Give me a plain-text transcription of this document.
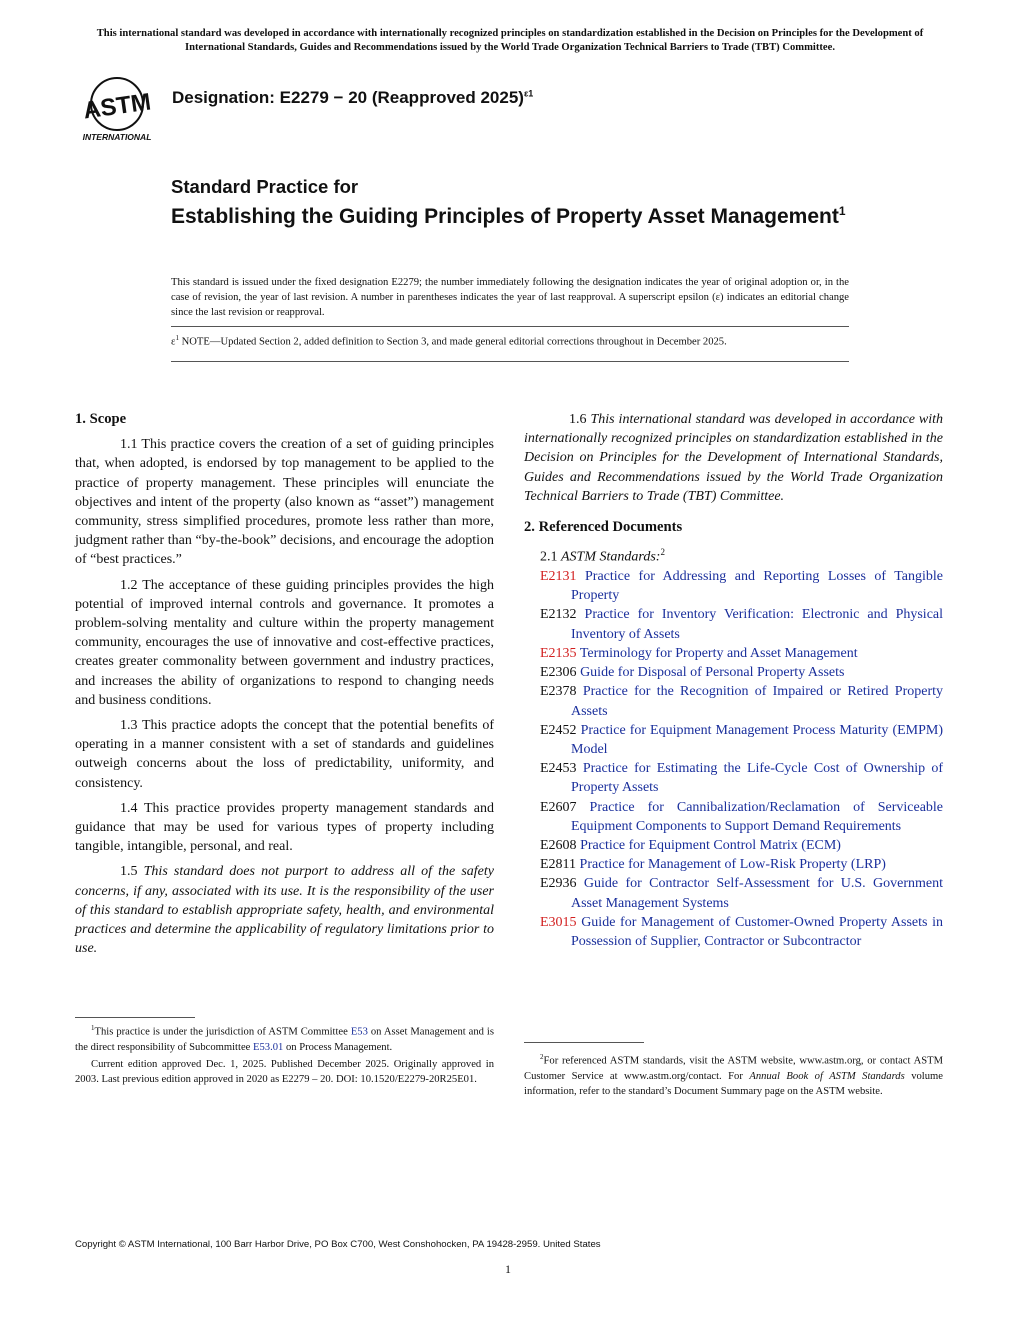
This international standard was developed in accordance with internationally recognized principles on standardization established in the Decision on Principles for the Development of International Standards, Guides and Recommendations issued by the World Trade Organization Technical Barriers to Trade (TBT) Committee.
ASTM
INTERNATIONAL
Designation: E2279 − 20 (Reapproved 2025)$^{\varepsilon 1}$
Standard Practice for
Establishing the Guiding Principles of Property Asset Management$^1$
This standard is issued under the fixed designation E2279; the number immediately following the designation indicates the year of original adoption or, in the case of revision, the year of last revision. A number in parentheses indicates the year of last reapproval. A superscript epsilon (ε) indicates an editorial change since the last revision or reapproval.
$\varepsilon^1$ NOTE—Updated Section 2, added definition to Section 3, and made general editorial corrections throughout in December 2025.
1. Scope

1.1 This practice covers the creation of a set of guiding principles that, when adopted, is endorsed by top management to be applied to the practice of property management. These principles will enunciate the objectives and intent of the property (also known as “asset”) management community, stress simplified procedures, promote less rather than more, judgment rather than “by-the-book” decisions, and encourage the adoption of “best practices.”

1.2 The acceptance of these guiding principles provides the high potential of improved internal controls and governance. It promotes a problem-solving mentality and culture within the property management community, encourages the use of innovative and cost-effective practices, creates greater commonality between government and industry practices, and increases the ability of organizations to respond to changing needs and business conditions.

1.3 This practice adopts the concept that the potential benefits of operating in a manner consistent with a set of standards and guidelines outweigh concerns about the loss of predictability, uniformity, and consistency.

1.4 This practice provides property management standards and guidance that may be used for various types of property including tangible, intangible, personal, and real.

1.5 This standard does not purport to address all of the safety concerns, if any, associated with its use. It is the responsibility of the user of this standard to establish appropriate safety, health, and environmental practices and determine the applicability of regulatory limitations prior to use.

1.6 This international standard was developed in accordance with internationally recognized principles on standardization established in the Decision on Principles for the Development of International Standards, Guides and Recommendations issued by the World Trade Organization Technical Barriers to Trade (TBT) Committee.

2. Referenced Documents
2.1 ASTM Standards:$^2$
E2131 Practice for Addressing and Reporting Losses of Tangible Property
E2132 Practice for Inventory Verification: Electronic and Physical Inventory of Assets
E2135 Terminology for Property and Asset Management
E2306 Guide for Disposal of Personal Property Assets
E2378 Practice for the Recognition of Impaired or Retired Property Assets
E2452 Practice for Equipment Management Process Maturity (EMPM) Model
E2453 Practice for Estimating the Life-Cycle Cost of Ownership of Property Assets
E2607 Practice for Cannibalization/Reclamation of Serviceable Equipment Components to Support Demand Requirements
E2608 Practice for Equipment Control Matrix (ECM)
E2811 Practice for Management of Low-Risk Property (LRP)
E2936 Guide for Contractor Self-Assessment for U.S. Government Asset Management Systems
E3015 Guide for Management of Customer-Owned Property Assets in Possession of Supplier, Contractor or Subcontractor

$^1$This practice is under the jurisdiction of ASTM Committee E53 on Asset Management and is the direct responsibility of Subcommittee E53.01 on Process Management.

Current edition approved Dec. 1, 2025. Published December 2025. Originally approved in 2003. Last previous edition approved in 2020 as E2279 – 20. DOI: 10.1520/E2279-20R25E01.

$^2$For referenced ASTM standards, visit the ASTM website, www.astm.org, or contact ASTM Customer Service at www.astm.org/contact. For Annual Book of ASTM Standards volume information, refer to the standard’s Document Summary page on the ASTM website.

Copyright © ASTM International, 100 Barr Harbor Drive, PO Box C700, West Conshohocken, PA 19428-2959. United States
1
